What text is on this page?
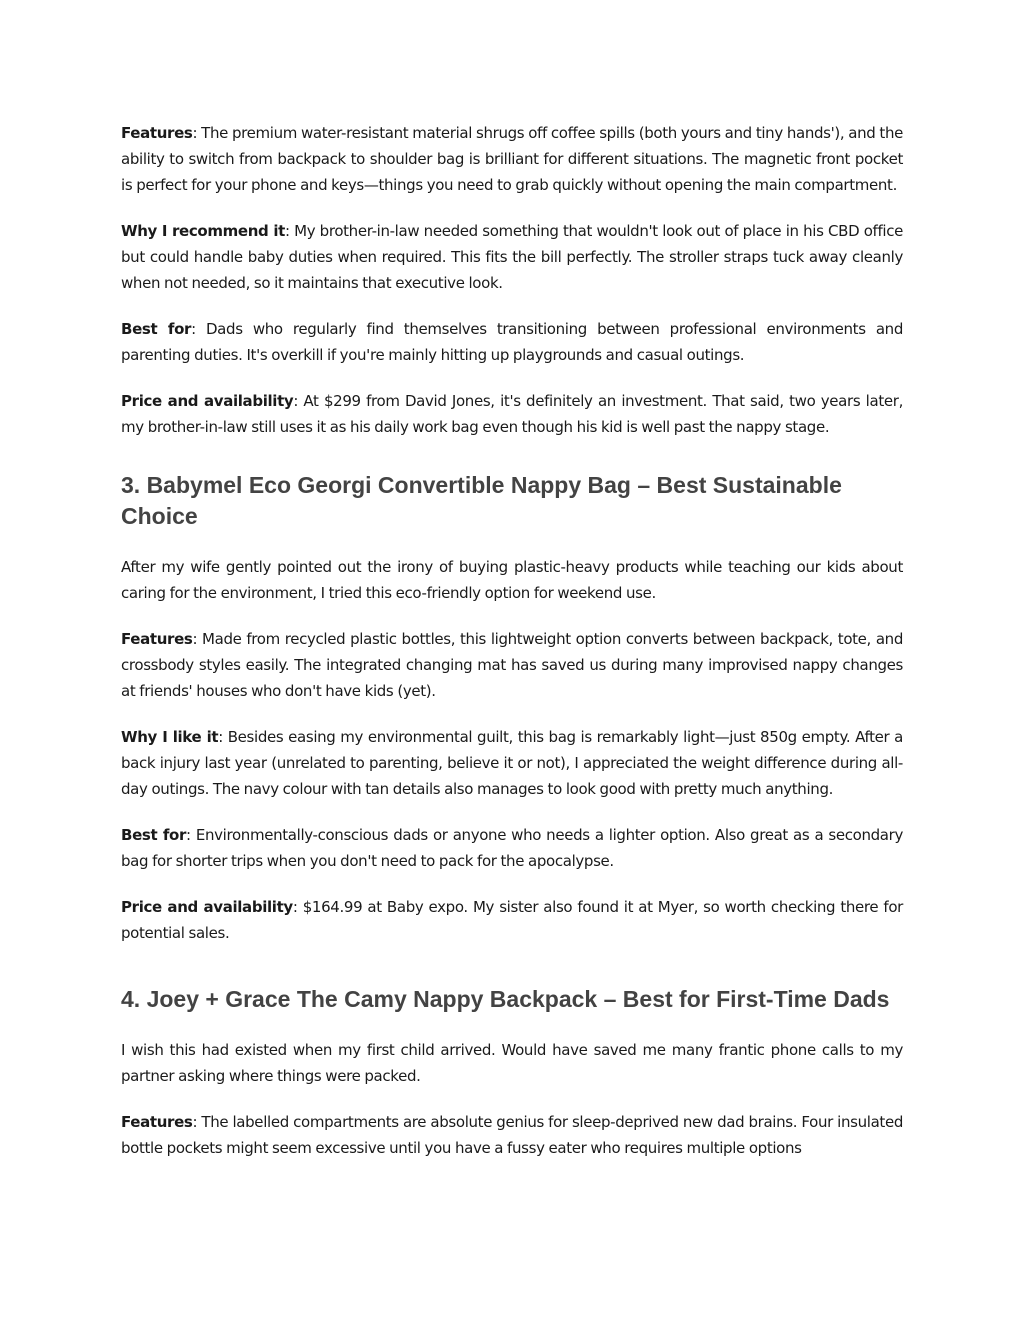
Features: The premium water-resistant material shrugs off coffee spills (both yours and tiny hands'), and the ability to switch from backpack to shoulder bag is brilliant for different situations. The magnetic front pocket is perfect for your phone and keys—things you need to grab quickly without opening the main compartment.

Why I recommend it: My brother-in-law needed something that wouldn't look out of place in his CBD office but could handle baby duties when required. This fits the bill perfectly. The stroller straps tuck away cleanly when not needed, so it maintains that executive look.

Best for: Dads who regularly find themselves transitioning between professional environments and parenting duties. It's overkill if you're mainly hitting up playgrounds and casual outings.

Price and availability: At $299 from David Jones, it's definitely an investment. That said, two years later, my brother-in-law still uses it as his daily work bag even though his kid is well past the nappy stage.

3. Babymel Eco Georgi Convertible Nappy Bag – Best Sustainable Choice

After my wife gently pointed out the irony of buying plastic-heavy products while teaching our kids about caring for the environment, I tried this eco-friendly option for weekend use.

Features: Made from recycled plastic bottles, this lightweight option converts between backpack, tote, and crossbody styles easily. The integrated changing mat has saved us during many improvised nappy changes at friends' houses who don't have kids (yet).

Why I like it: Besides easing my environmental guilt, this bag is remarkably light—just 850g empty. After a back injury last year (unrelated to parenting, believe it or not), I appreciated the weight difference during all-day outings. The navy colour with tan details also manages to look good with pretty much anything.

Best for: Environmentally-conscious dads or anyone who needs a lighter option. Also great as a secondary bag for shorter trips when you don't need to pack for the apocalypse.

Price and availability: $164.99 at Baby expo. My sister also found it at Myer, so worth checking there for potential sales.

4. Joey + Grace The Camy Nappy Backpack – Best for First-Time Dads

I wish this had existed when my first child arrived. Would have saved me many frantic phone calls to my partner asking where things were packed.

Features: The labelled compartments are absolute genius for sleep-deprived new dad brains. Four insulated bottle pockets might seem excessive until you have a fussy eater who requires multiple options
